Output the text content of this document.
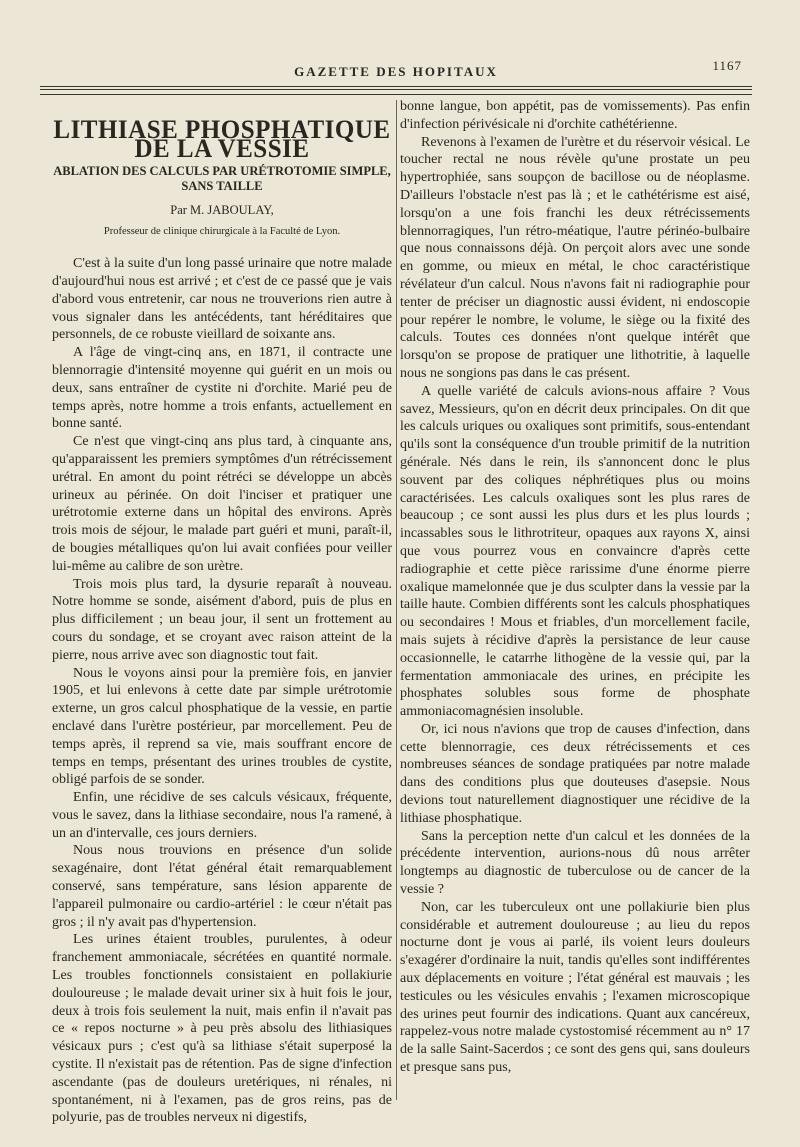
GAZETTE DES HOPITAUX	1167
LITHIASE PHOSPHATIQUE DE LA VESSIE
ABLATION DES CALCULS PAR URÉTROTOMIE SIMPLE, SANS TAILLE
Par M. JABOULAY,
Professeur de clinique chirurgicale à la Faculté de Lyon.

C'est à la suite d'un long passé urinaire que notre malade d'aujourd'hui nous est arrivé ; et c'est de ce passé que je vais d'abord vous entretenir, car nous ne trouverions rien autre à vous signaler dans les antécédents, tant héréditaires que personnels, de ce robuste vieillard de soixante ans.

A l'âge de vingt-cinq ans, en 1871, il contracte une blennorragie d'intensité moyenne qui guérit en un mois ou deux, sans entraîner de cystite ni d'orchite. Marié peu de temps après, notre homme a trois enfants, actuellement en bonne santé.

Ce n'est que vingt-cinq ans plus tard, à cinquante ans, qu'apparaissent les premiers symptômes d'un rétrécissement urétral. En amont du point rétréci se développe un abcès urineux au périnée. On doit l'inciser et pratiquer une urétrotomie externe dans un hôpital des environs. Après trois mois de séjour, le malade part guéri et muni, paraît-il, de bougies métalliques qu'on lui avait confiées pour veiller lui-même au calibre de son urètre.

Trois mois plus tard, la dysurie reparaît à nouveau. Notre homme se sonde, aisément d'abord, puis de plus en plus difficilement ; un beau jour, il sent un frottement au cours du sondage, et se croyant avec raison atteint de la pierre, nous arrive avec son diagnostic tout fait.

Nous le voyons ainsi pour la première fois, en janvier 1905, et lui enlevons à cette date par simple urétrotomie externe, un gros calcul phosphatique de la vessie, en partie enclavé dans l'urètre postérieur, par morcellement. Peu de temps après, il reprend sa vie, mais souffrant encore de temps en temps, présentant des urines troubles de cystite, obligé parfois de se sonder.

Enfin, une récidive de ses calculs vésicaux, fréquente, vous le savez, dans la lithiase secondaire, nous l'a ramené, à un an d'intervalle, ces jours derniers.

Nous nous trouvions en présence d'un solide sexagénaire, dont l'état général était remarquablement conservé, sans température, sans lésion apparente de l'appareil pulmonaire ou cardio-artériel : le cœur n'était pas gros ; il n'y avait pas d'hypertension.

Les urines étaient troubles, purulentes, à odeur franchement ammoniacale, sécrétées en quantité normale. Les troubles fonctionnels consistaient en pollakiurie douloureuse ; le malade devait uriner six à huit fois le jour, deux à trois fois seulement la nuit, mais enfin il n'avait pas ce « repos nocturne » à peu près absolu des lithiasiques vésicaux purs ; c'est qu'à sa lithiase s'était superposé la cystite. Il n'existait pas de rétention. Pas de signe d'infection ascendante (pas de douleurs uretériques, ni rénales, ni spontanément, ni à l'examen, pas de gros reins, pas de polyurie, pas de troubles nerveux ni digestifs,

bonne langue, bon appétit, pas de vomissements). Pas enfin d'infection périvésicale ni d'orchite cathétérienne.

Revenons à l'examen de l'urètre et du réservoir vésical. Le toucher rectal ne nous révèle qu'une prostate un peu hypertrophiée, sans soupçon de bacillose ou de néoplasme. D'ailleurs l'obstacle n'est pas là ; et le cathétérisme est aisé, lorsqu'on a une fois franchi les deux rétrécissements blennorragiques, l'un rétro-méatique, l'autre périnéo-bulbaire que nous connaissons déjà. On perçoit alors avec une sonde en gomme, ou mieux en métal, le choc caractéristique révélateur d'un calcul. Nous n'avons fait ni radiographie pour tenter de préciser un diagnostic aussi évident, ni endoscopie pour repérer le nombre, le volume, le siège ou la fixité des calculs. Toutes ces données n'ont quelque intérêt que lorsqu'on se propose de pratiquer une lithotritie, à laquelle nous ne songions pas dans le cas présent.

A quelle variété de calculs avions-nous affaire ? Vous savez, Messieurs, qu'on en décrit deux principales. On dit que les calculs uriques ou oxaliques sont primitifs, sous-entendant qu'ils sont la conséquence d'un trouble primitif de la nutrition générale. Nés dans le rein, ils s'annoncent donc le plus souvent par des coliques néphrétiques plus ou moins caractérisées. Les calculs oxaliques sont les plus rares de beaucoup ; ce sont aussi les plus durs et les plus lourds ; incassables sous le lithrotriteur, opaques aux rayons X, ainsi que vous pourrez vous en convaincre d'après cette radiographie et cette pièce rarissime d'une énorme pierre oxalique mamelonnée que je dus sculpter dans la vessie par la taille haute. Combien différents sont les calculs phosphatiques ou secondaires ! Mous et friables, d'un morcellement facile, mais sujets à récidive d'après la persistance de leur cause occasionnelle, le catarrhe lithogène de la vessie qui, par la fermentation ammoniacale des urines, en précipite les phosphates solubles sous forme de phosphate ammoniacomagnésien insoluble.

Or, ici nous n'avions que trop de causes d'infection, dans cette blennorragie, ces deux rétrécissements et ces nombreuses séances de sondage pratiquées par notre malade dans des conditions plus que douteuses d'asepsie. Nous devions tout naturellement diagnostiquer une récidive de la lithiase phosphatique.

Sans la perception nette d'un calcul et les données de la précédente intervention, aurions-nous dû nous arrêter longtemps au diagnostic de tuberculose ou de cancer de la vessie ?

Non, car les tuberculeux ont une pollakiurie bien plus considérable et autrement douloureuse ; au lieu du repos nocturne dont je vous ai parlé, ils voient leurs douleurs s'exagérer d'ordinaire la nuit, tandis qu'elles sont indifférentes aux déplacements en voiture ; l'état général est mauvais ; les testicules ou les vésicules envahis ; l'examen microscopique des urines peut fournir des indications. Quant aux cancéreux, rappelez-vous notre malade cystostomisé récemment au n° 17 de la salle Saint-Sacerdos ; ce sont des gens qui, sans douleurs et presque sans pus,
